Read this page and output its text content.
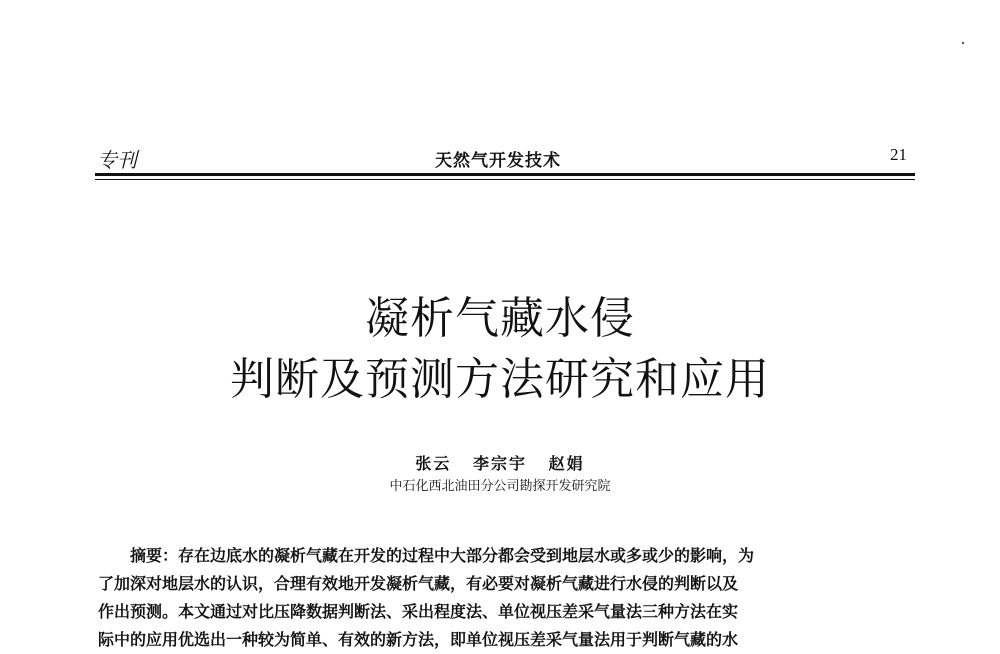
专刊	天然气开发技术	21
凝析气藏水侵
判断及预测方法研究和应用
张云 李宗宇 赵娟
中石化西北油田分公司勘探开发研究院
摘要：存在边底水的凝析气藏在开发的过程中大部分都会受到地层水或多或少的影响，为
了加深对地层水的认识，合理有效地开发凝析气藏，有必要对凝析气藏进行水侵的判断以及
作出预测。本文通过对比压降数据判断法、采出程度法、单位视压差采气量法三种方法在实
际中的应用优选出一种较为简单、有效的新方法，即单位视压差采气量法用于判断气藏的水
